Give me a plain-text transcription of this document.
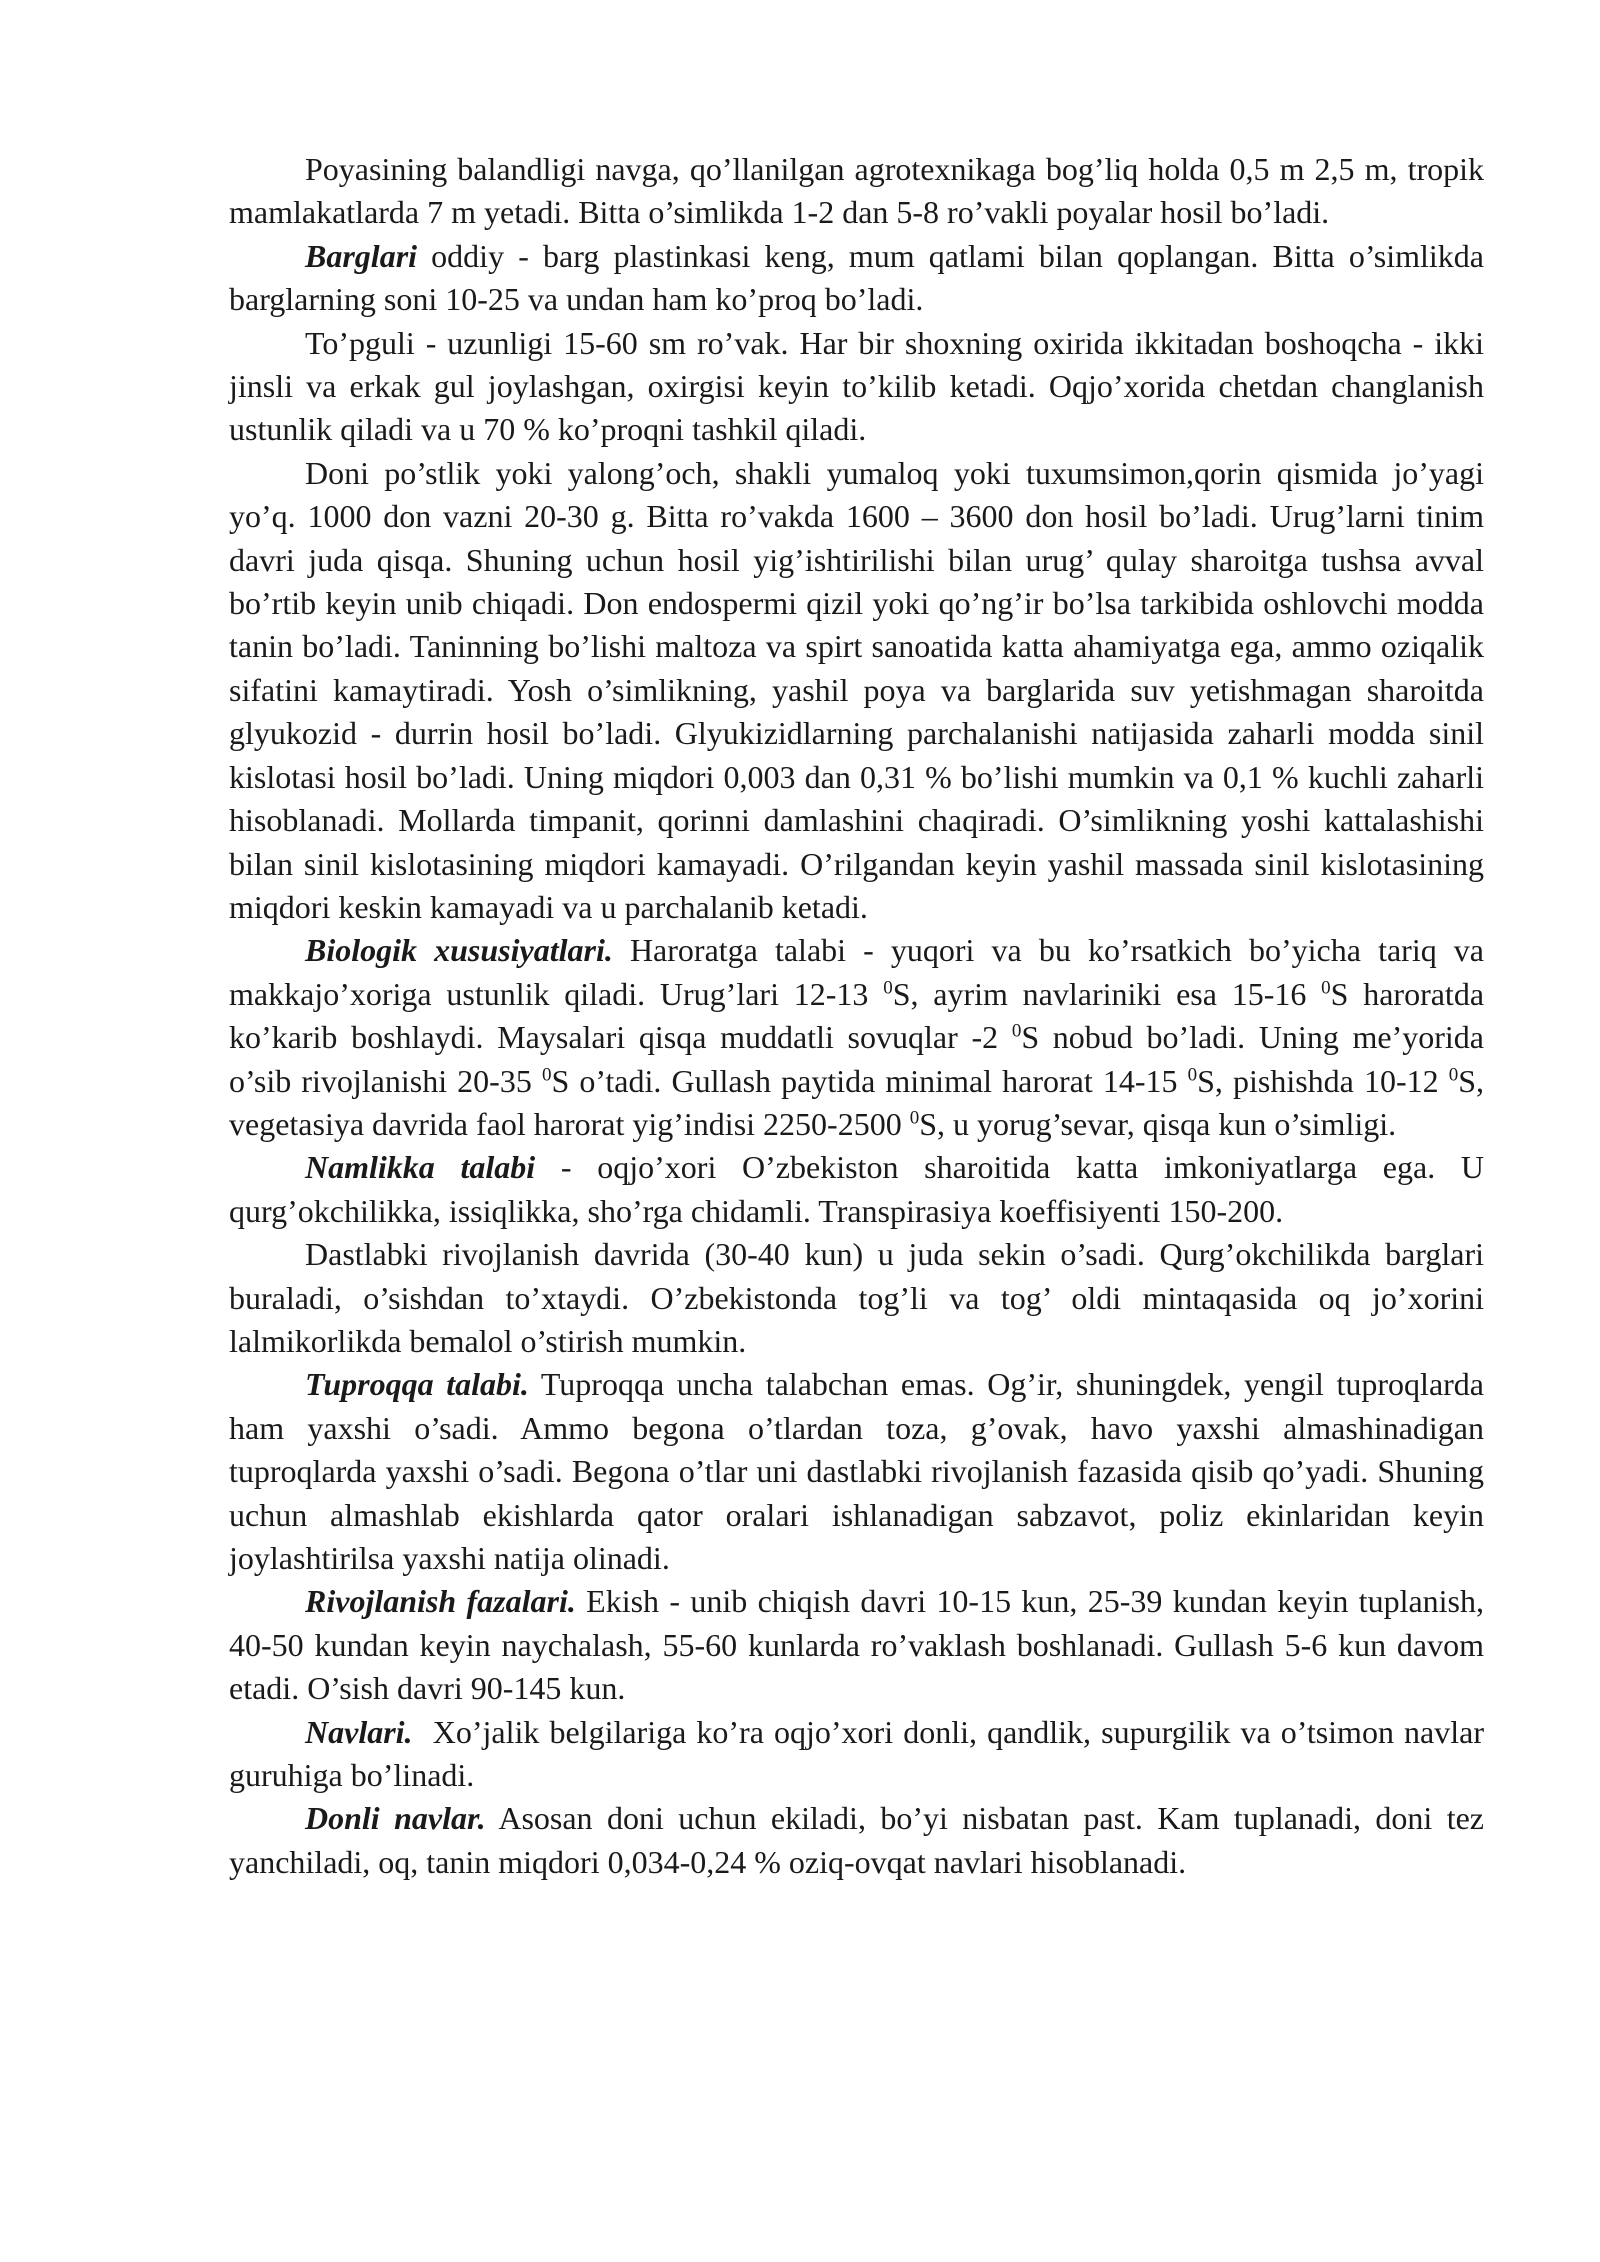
Poyasining balandligi navga, qo’llanilgan agrotexnikaga bog’liq holda 0,5 m 2,5 m, tropik mamlakatlarda 7 m yetadi. Bitta o’simlikda 1-2 dan 5-8 ro’vakli poyalar hosil bo’ladi.

Barglari oddiy - barg plastinkasi keng, mum qatlami bilan qoplangan. Bitta o’simlikda barglarning soni 10-25 va undan ham ko’proq bo’ladi.

To’pguli - uzunligi 15-60 sm ro’vak. Har bir shoxning oxirida ikkitadan boshoqcha - ikki jinsli va erkak gul joylashgan, oxirgisi keyin to’kilib ketadi. Oqjo’xorida chetdan changlanish ustunlik qiladi va u 70 % ko’proqni tashkil qiladi.

Doni po’stlik yoki yalong’och, shakli yumaloq yoki tuxumsimon,qorin qismida jo’yagi yo’q. 1000 don vazni 20-30 g. Bitta ro’vakda 1600 – 3600 don hosil bo’ladi. Urug’larni tinim davri juda qisqa. Shuning uchun hosil yig’ishtirilishi bilan urug’ qulay sharoitga tushsa avval bo’rtib keyin unib chiqadi. Don endospermi qizil yoki qo’ng’ir bo’lsa tarkibida oshlovchi modda tanin bo’ladi. Taninning bo’lishi maltoza va spirt sanoatida katta ahamiyatga ega, ammo oziqalik sifatini kamaytiradi. Yosh o’simlikning, yashil poya va barglarida suv yetishmagan sharoitda glyukozid - durrin hosil bo’ladi. Glyukizidlarning parchalanishi natijasida zaharli modda sinil kislotasi hosil bo’ladi. Uning miqdori 0,003 dan 0,31 % bo’lishi mumkin va 0,1 % kuchli zaharli hisoblanadi. Mollarda timpanit, qorinni damlashini chaqiradi. O’simlikning yoshi kattalashishi bilan sinil kislotasining miqdori kamayadi. O’rilgandan keyin yashil massada sinil kislotasining miqdori keskin kamayadi va u parchalanib ketadi.

Biologik xususiyatlari. Haroratga talabi - yuqori va bu ko’rsatkich bo’yicha tariq va makkajo’xoriga ustunlik qiladi. Urug’lari 12-13 $^0$S, ayrim navlariniki esa 15-16 $^0$S haroratda ko’karib boshlaydi. Maysalari qisqa muddatli sovuqlar -2 $^0$S nobud bo’ladi. Uning me’yorida o’sib rivojlanishi 20-35 $^0$S o’tadi. Gullash paytida minimal harorat 14-15 $^0$S, pishishda 10-12 $^0$S, vegetasiya davrida faol harorat yig’indisi 2250-2500 $^0$S, u yorug’sevar, qisqa kun o’simligi.

Namlikka talabi - oqjo’xori O’zbekiston sharoitida katta imkoniyatlarga ega. U qurg’okchilikka, issiqlikka, sho’rga chidamli. Transpirasiya koeffisiyenti 150-200.

Dastlabki rivojlanish davrida (30-40 kun) u juda sekin o’sadi. Qurg’okchilikda barglari buraladi, o’sishdan to’xtaydi. O’zbekistonda tog’li va tog’ oldi mintaqasida oq jo’xorini lalmikorlikda bemalol o’stirish mumkin.

Tuproqqa talabi. Tuproqqa uncha talabchan emas. Og’ir, shuningdek, yengil tuproqlarda ham yaxshi o’sadi. Ammo begona o’tlardan toza, g’ovak, havo yaxshi almashinadigan tuproqlarda yaxshi o’sadi. Begona o’tlar uni dastlabki rivojlanish fazasida qisib qo’yadi. Shuning uchun almashlab ekishlarda qator oralari ishlanadigan sabzavot, poliz ekinlaridan keyin joylashtirilsa yaxshi natija olinadi.

Rivojlanish fazalari. Ekish - unib chiqish davri 10-15 kun, 25-39 kundan keyin tuplanish, 40-50 kundan keyin naychalash, 55-60 kunlarda ro’vaklash boshlanadi. Gullash 5-6 kun davom etadi. O’sish davri 90-145 kun.

Navlari.  Xo’jalik belgilariga ko’ra oqjo’xori donli, qandlik, supurgilik va o’tsimon navlar guruhiga bo’linadi.

Donli navlar. Asosan doni uchun ekiladi, bo’yi nisbatan past. Kam tuplanadi, doni tez yanchiladi, oq, tanin miqdori 0,034-0,24 % oziq-ovqat navlari hisoblanadi.
